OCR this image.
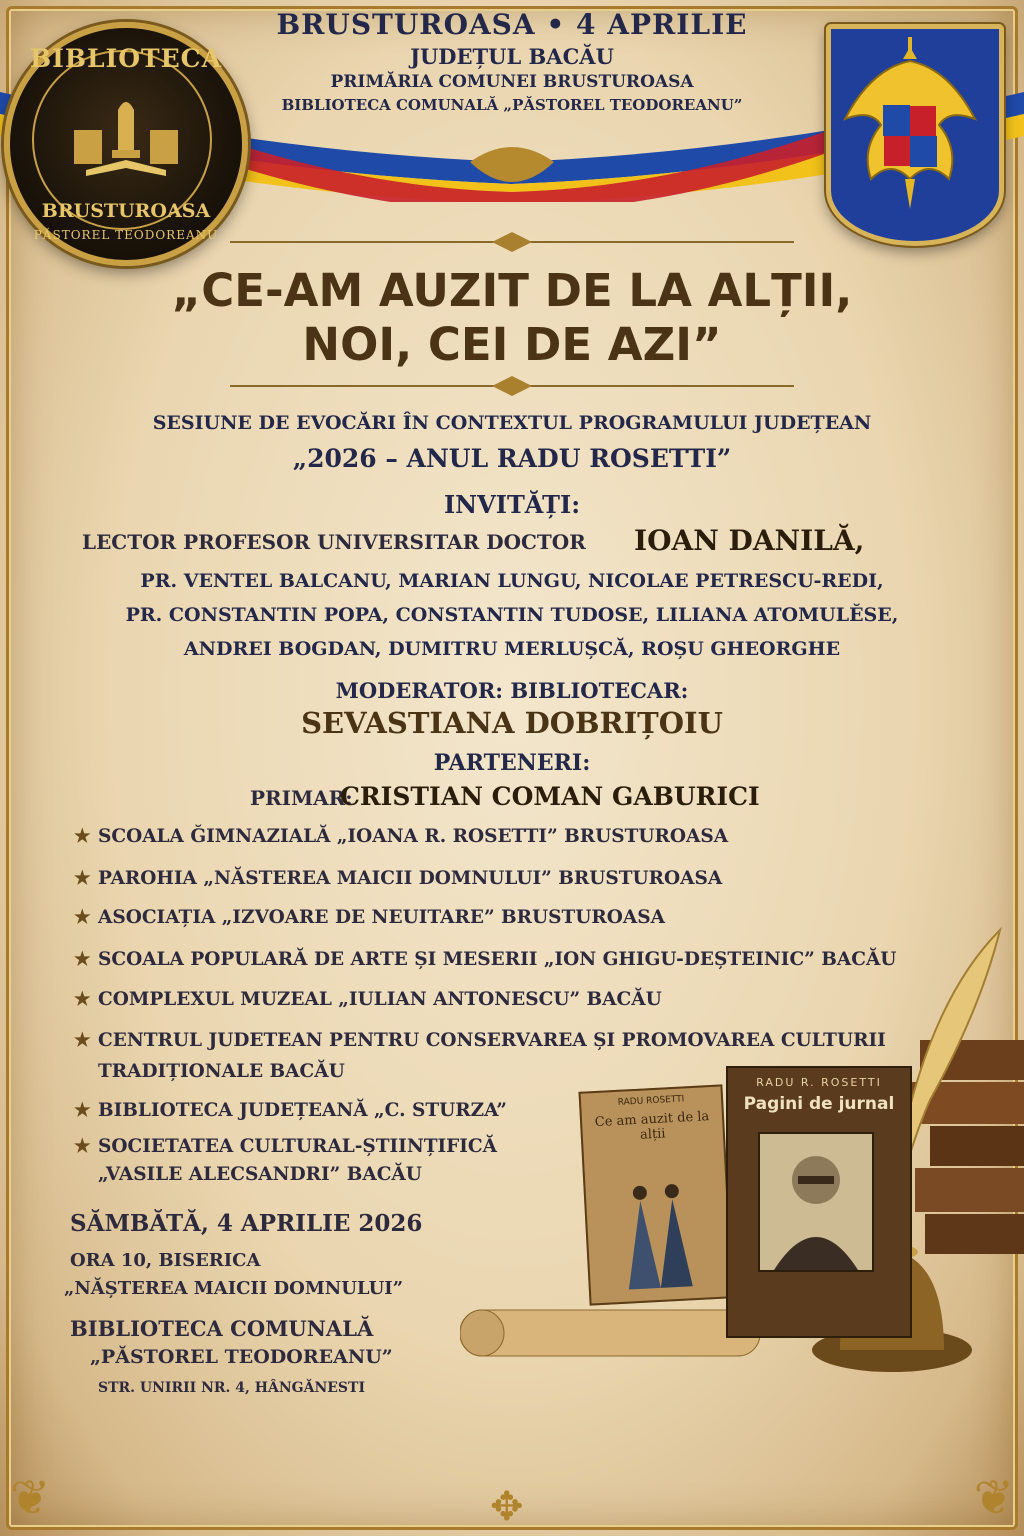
BRUSTUROASA • 4 APRILIE
JUDEȚUL BACĂU
PRIMĂRIA COMUNEI BRUSTUROASA
BIBLIOTECA COMUNALĂ „PĂSTOREL TEODOREANU”
BIBLIOTECA
BRUSTUROASA
PĂSTOREL TEODOREANU
„CE-AM AUZIT DE LA ALȚII,
NOI, CEI DE AZI”
SESIUNE DE EVOCĂRI ÎN CONTEXTUL PROGRAMULUI JUDEȚEAN
„2026 – ANUL RADU ROSETTI”
INVITĂȚI:
LECTOR PROFESOR UNIVERSITAR DOCTOR IOAN DANILĂ,
PR. VENTEL BALCANU, MARIAN LUNGU, NICOLAE PETRESCU-REDI,
PR. CONSTANTIN POPA, CONSTANTIN TUDOSE, LILIANA ATOMULĔSE,
ANDREI BOGDAN, DUMITRU MERLUȘCĂ, ROȘU GHEORGHE
MODERATOR: BIBLIOTECAR:
SEVASTIANA DOBRIȚOIU
PARTENERI:
PRIMAR:
CRISTIAN COMAN GABURICI
★ SCOALA ĞIMNAZIALĂ „IOANA R. ROSETTI” BRUSTUROASA
★ PAROHIA „NĂSTEREA MAICII DOMNULUI” BRUSTUROASA
★ ASOCIAȚIA „IZVOARE DE NEUITARE” BRUSTUROASA
★ SCOALA POPULARĂ DE ARTE ȘI MESERII „ION GHIGU-DEȘTEINIC” BACĂU
★ COMPLEXUL MUZEAL „IULIAN ANTONESCU” BACĂU
★ CENTRUL JUDETEAN PENTRU CONSERVAREA ȘI PROMOVAREA CULTURII
TRADIȚIONALE BACĂU
★ BIBLIOTECA JUDEȚEANĂ „C. STURZA”
★ SOCIETATEA CULTURAL-ȘTIINȚIFICĂ
„VASILE ALECSANDRI” BACĂU
SĂMBĂTĂ, 4 APRILIE 2026
ORA 10, BISERICA
„NĂȘTEREA MAICII DOMNULUI”
BIBLIOTECA COMUNALĂ
„PĂSTOREL TEODOREANU”
STR. UNIRII NR. 4, HÂNGĂNESTI
RADU ROSETTI
Ce am auzit de la alții
RADU R. ROSETTI
Pagini de jurnal
❦	❦
✥
